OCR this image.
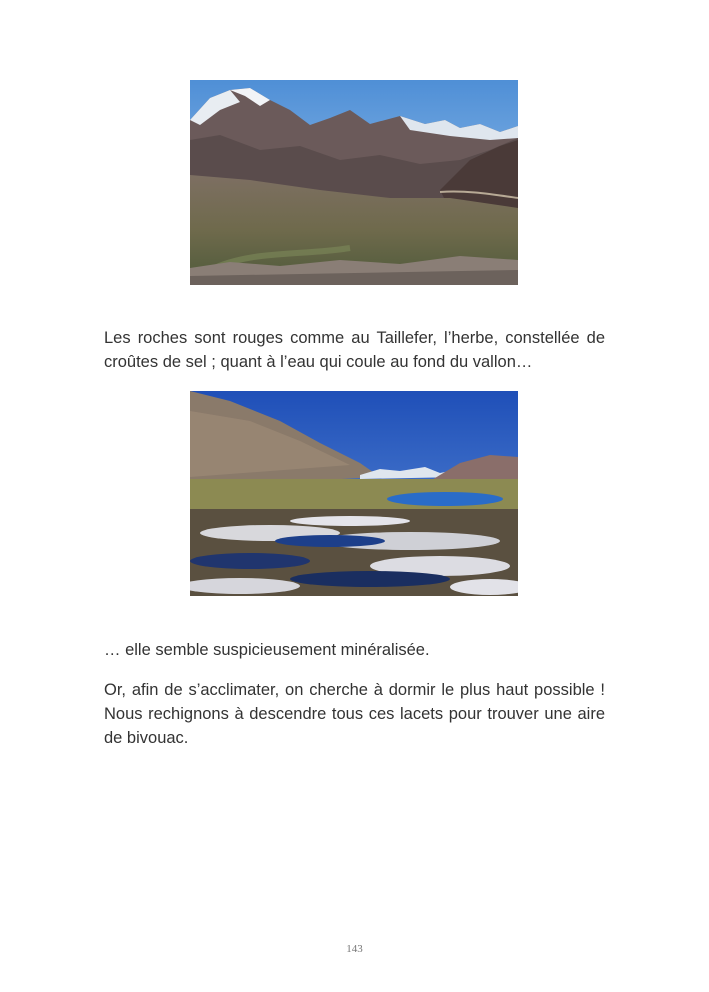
Les roches sont rouges comme au Taillefer, l’herbe, constellée de croûtes de sel ; quant à l’eau qui coule au fond du vallon…

… elle semble suspicieusement minéralisée.

Or, afin de s’acclimater, on cherche à dormir le plus haut possible ! Nous rechignons à descendre tous ces lacets pour trouver une aire de bivouac.

143
